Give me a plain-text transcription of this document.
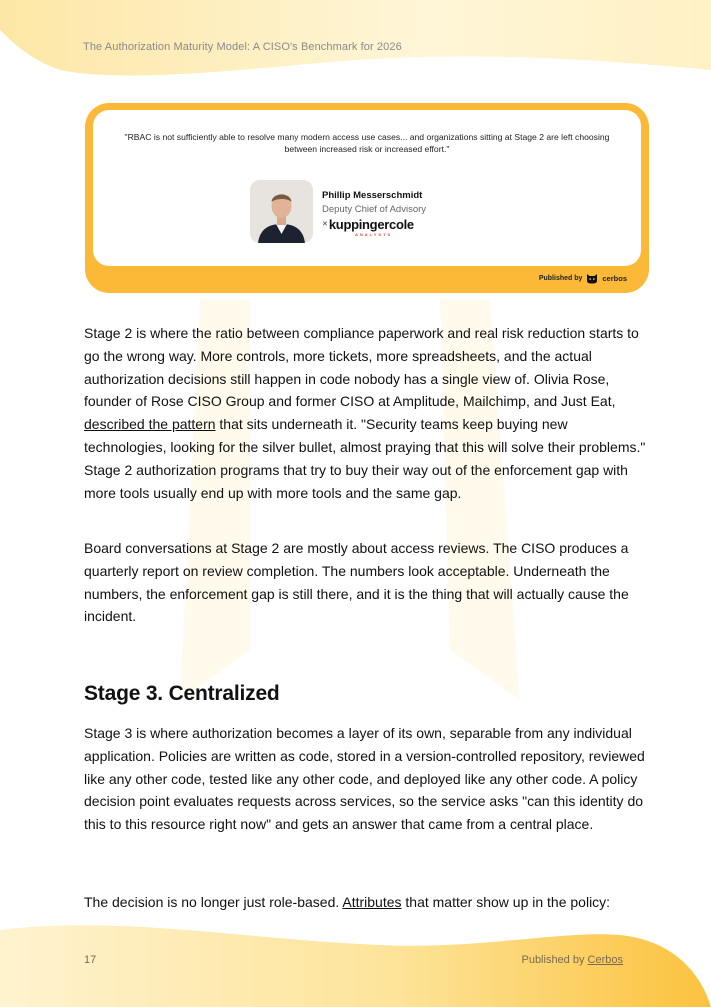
The Authorization Maturity Model: A CISO's Benchmark for 2026
"RBAC is not sufficiently able to resolve many modern access use cases... and organizations sitting at Stage 2 are left choosing between increased risk or increased effort."
Phillip Messerschmidt
Deputy Chief of Advisory
✕kuppingercole
ANALYSTS
Published by	cerbos

Stage 2 is where the ratio between compliance paperwork and real risk reduction starts to go the wrong way. More controls, more tickets, more spreadsheets, and the actual authorization decisions still happen in code nobody has a single view of. Olivia Rose, founder of Rose CISO Group and former CISO at Amplitude, Mailchimp, and Just Eat, described the pattern that sits underneath it. "Security teams keep buying new technologies, looking for the silver bullet, almost praying that this will solve their problems." Stage 2 authorization programs that try to buy their way out of the enforcement gap with more tools usually end up with more tools and the same gap.

Board conversations at Stage 2 are mostly about access reviews. The CISO produces a quarterly report on review completion. The numbers look acceptable. Underneath the numbers, the enforcement gap is still there, and it is the thing that will actually cause the incident.

Stage 3. Centralized

Stage 3 is where authorization becomes a layer of its own, separable from any individual application. Policies are written as code, stored in a version-controlled repository, reviewed like any other code, tested like any other code, and deployed like any other code. A policy decision point evaluates requests across services, so the service asks "can this identity do this to this resource right now" and gets an answer that came from a central place.

The decision is no longer just role-based. Attributes that matter show up in the policy:

17	Published by Cerbos
